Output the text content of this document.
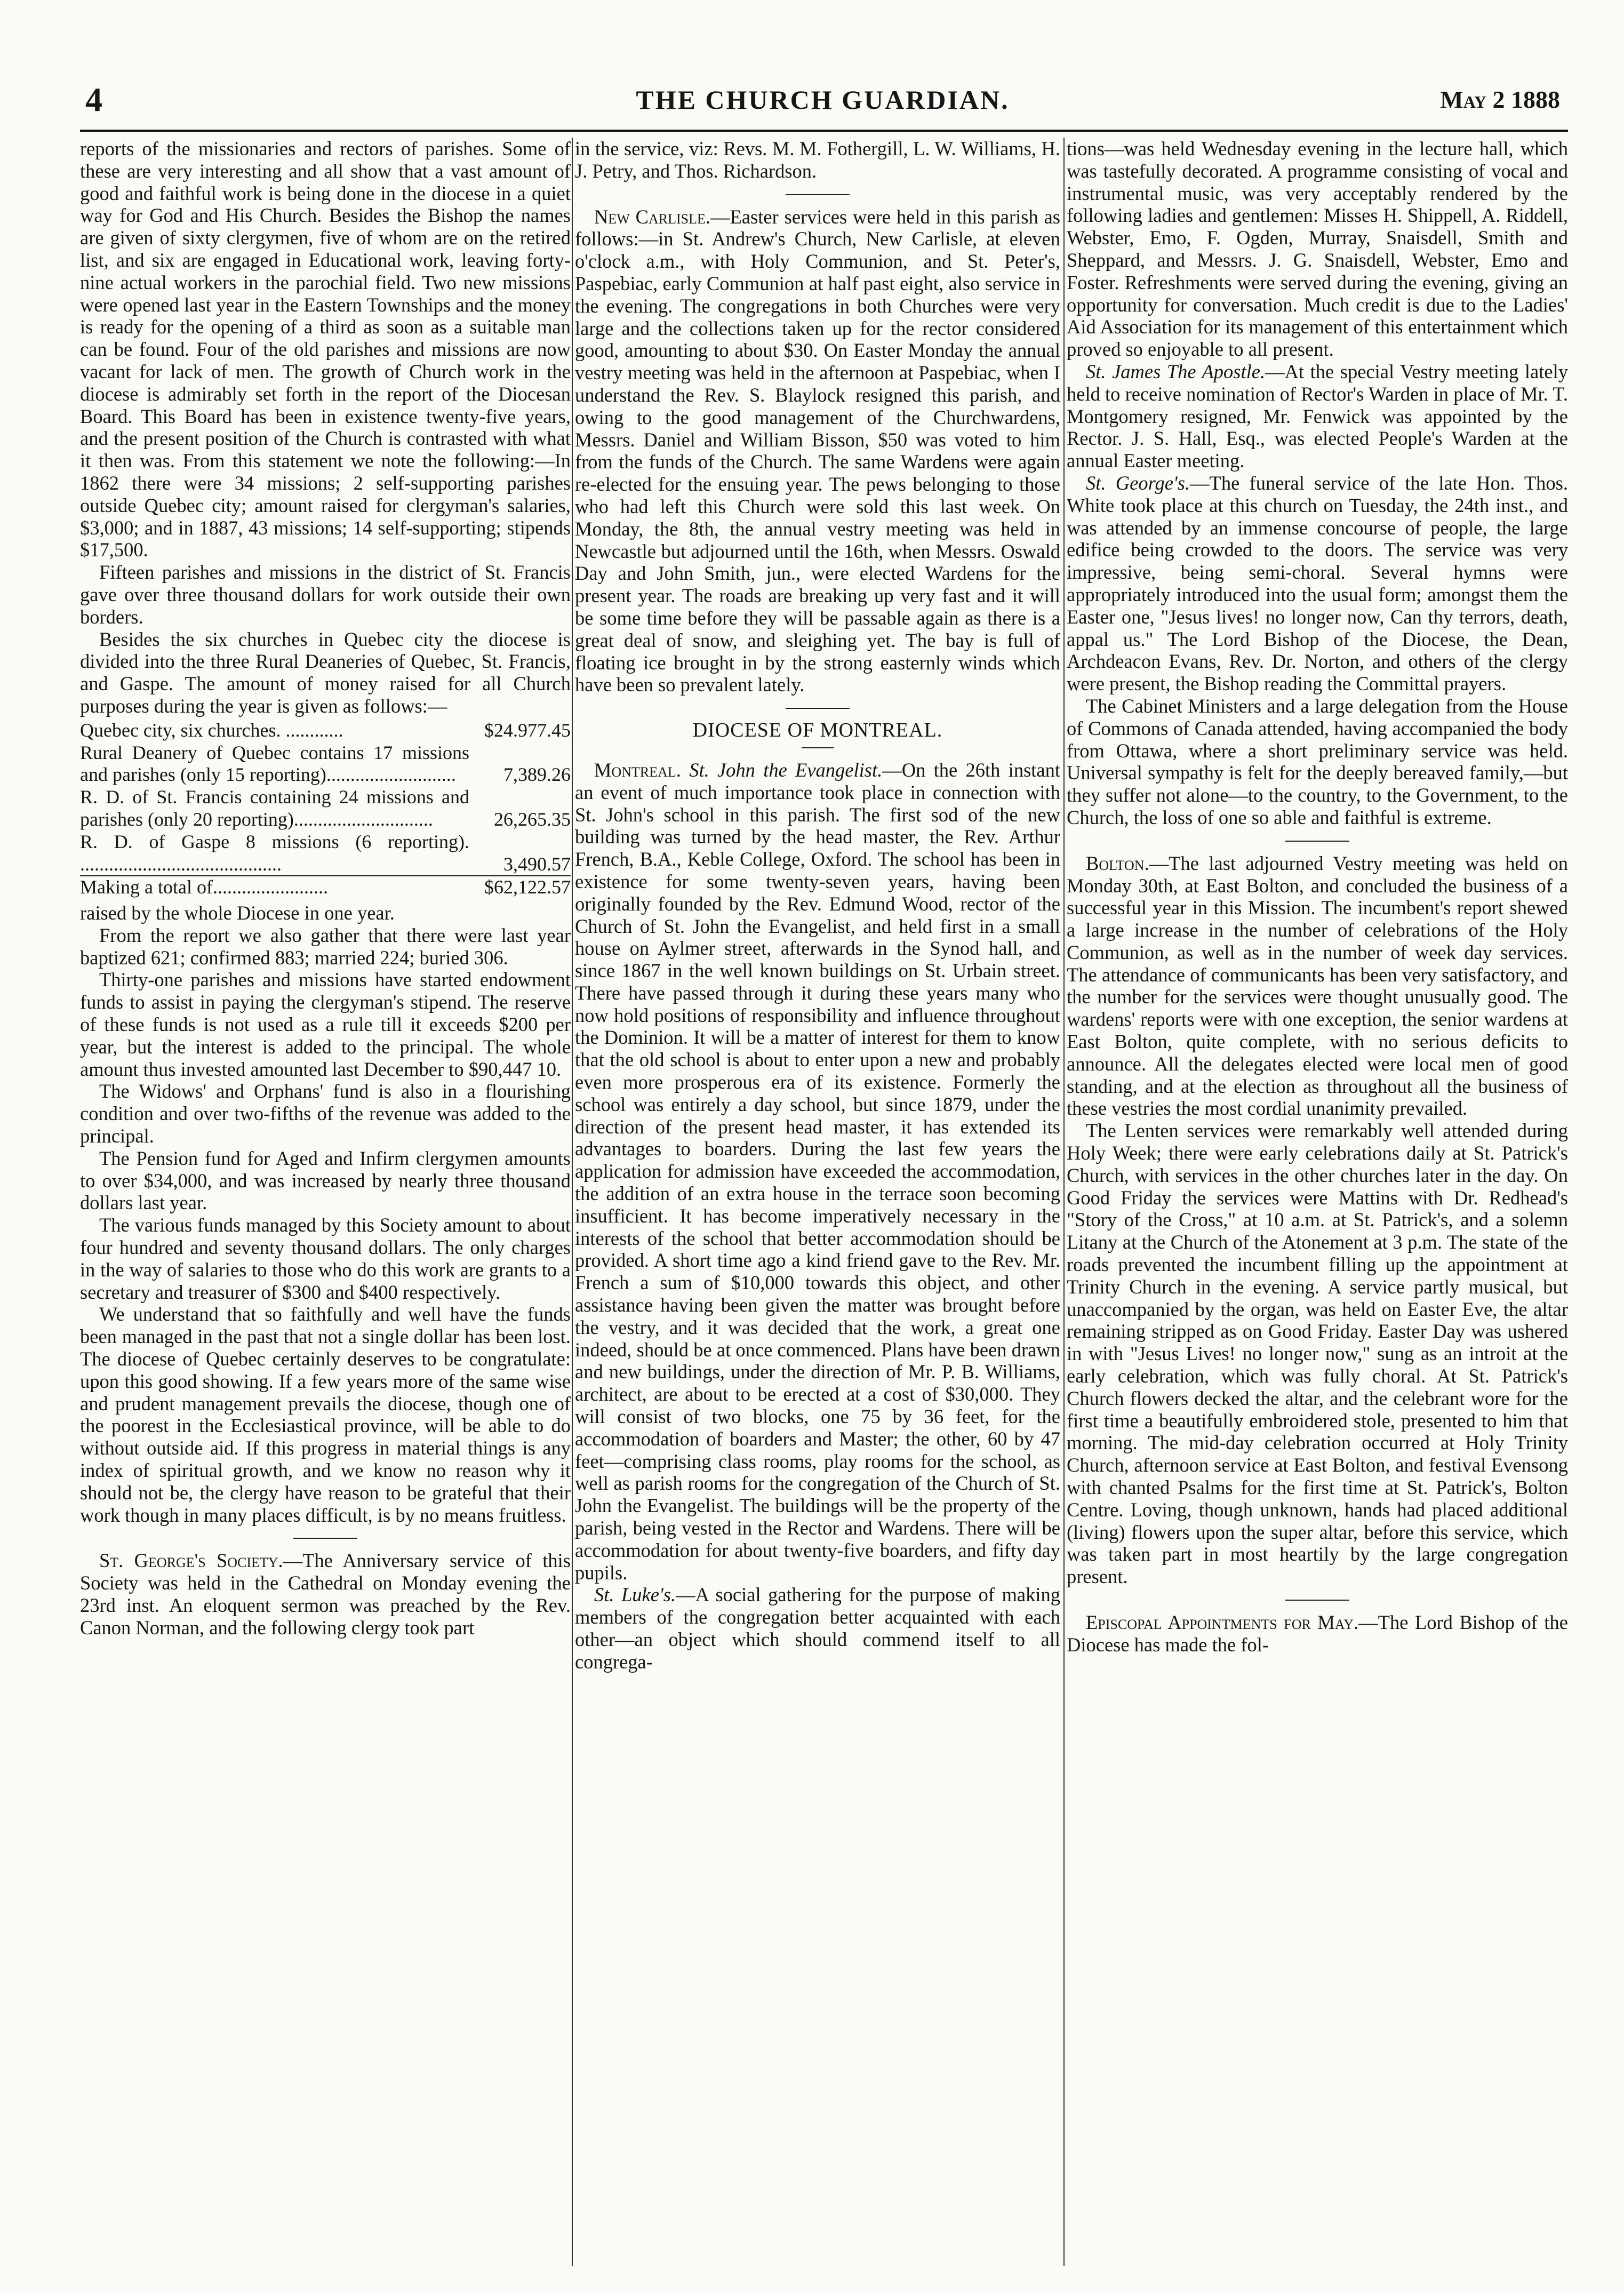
4	THE CHURCH GUARDIAN.	May 2 1888

reports of the missionaries and rectors of parishes. Some of these are very interesting and all show that a vast amount of good and faithful work is being done in the diocese in a quiet way for God and His Church. Besides the Bishop the names are given of sixty clergymen, five of whom are on the retired list, and six are engaged in Educational work, leaving forty-nine actual workers in the parochial field. Two new missions were opened last year in the Eastern Townships and the money is ready for the opening of a third as soon as a suitable man can be found. Four of the old parishes and missions are now vacant for lack of men. The growth of Church work in the diocese is admirably set forth in the report of the Diocesan Board. This Board has been in existence twenty-five years, and the present position of the Church is contrasted with what it then was. From this statement we note the following:—In 1862 there were 34 missions; 2 self-supporting parishes outside Quebec city; amount raised for clergyman's salaries, $3,000; and in 1887, 43 missions; 14 self-supporting; stipends $17,500.

Fifteen parishes and missions in the district of St. Francis gave over three thousand dollars for work outside their own borders.

Besides the six churches in Quebec city the diocese is divided into the three Rural Deaneries of Quebec, St. Francis, and Gaspe. The amount of money raised for all Church purposes during the year is given as follows:—

Quebec city, six churches. ............	$24.977.45
Rural Deanery of Quebec contains 17 missions and parishes (only 15 reporting)...........................	7,389.26
R. D. of St. Francis containing 24 missions and parishes (only 20 reporting).............................	26,265.35
R. D. of Gaspe 8 missions (6 reporting). ..........................................	3,490.57
Making a total of........................	$62,122.57

raised by the whole Diocese in one year.

From the report we also gather that there were last year baptized 621; confirmed 883; married 224; buried 306.

Thirty-one parishes and missions have started endowment funds to assist in paying the clergyman's stipend. The reserve of these funds is not used as a rule till it exceeds $200 per year, but the interest is added to the principal. The whole amount thus invested amounted last December to $90,447 10.

The Widows' and Orphans' fund is also in a flourishing condition and over two-fifths of the revenue was added to the principal.

The Pension fund for Aged and Infirm clergymen amounts to over $34,000, and was increased by nearly three thousand dollars last year.

The various funds managed by this Society amount to about four hundred and seventy thousand dollars. The only charges in the way of salaries to those who do this work are grants to a secretary and treasurer of $300 and $400 respectively.

We understand that so faithfully and well have the funds been managed in the past that not a single dollar has been lost. The diocese of Quebec certainly deserves to be congratulate: upon this good showing. If a few years more of the same wise and prudent management prevails the diocese, though one of the poorest in the Ecclesiastical province, will be able to do without outside aid. If this progress in material things is any index of spiritual growth, and we know no reason why it should not be, the clergy have reason to be grateful that their work though in many places difficult, is by no means fruitless.

St. George's Society.—The Anniversary service of this Society was held in the Cathedral on Monday evening the 23rd inst. An eloquent sermon was preached by the Rev. Canon Norman, and the following clergy took part

in the service, viz: Revs. M. M. Fothergill, L. W. Williams, H. J. Petry, and Thos. Richardson.

New Carlisle.—Easter services were held in this parish as follows:—in St. Andrew's Church, New Carlisle, at eleven o'clock a.m., with Holy Communion, and St. Peter's, Paspebiac, early Communion at half past eight, also service in the evening. The congregations in both Churches were very large and the collections taken up for the rector considered good, amounting to about $30. On Easter Monday the annual vestry meeting was held in the afternoon at Paspebiac, when I understand the Rev. S. Blaylock resigned this parish, and owing to the good management of the Churchwardens, Messrs. Daniel and William Bisson, $50 was voted to him from the funds of the Church. The same Wardens were again re-elected for the ensuing year. The pews belonging to those who had left this Church were sold this last week. On Monday, the 8th, the annual vestry meeting was held in Newcastle but adjourned until the 16th, when Messrs. Oswald Day and John Smith, jun., were elected Wardens for the present year. The roads are breaking up very fast and it will be some time before they will be passable again as there is a great deal of snow, and sleighing yet. The bay is full of floating ice brought in by the strong easternly winds which have been so prevalent lately.

DIOCESE OF MONTREAL.

Montreal. St. John the Evangelist.—On the 26th instant an event of much importance took place in connection with St. John's school in this parish. The first sod of the new building was turned by the head master, the Rev. Arthur French, B.A., Keble College, Oxford. The school has been in existence for some twenty-seven years, having been originally founded by the Rev. Edmund Wood, rector of the Church of St. John the Evangelist, and held first in a small house on Aylmer street, afterwards in the Synod hall, and since 1867 in the well known buildings on St. Urbain street. There have passed through it during these years many who now hold positions of responsibility and influence throughout the Dominion. It will be a matter of interest for them to know that the old school is about to enter upon a new and probably even more prosperous era of its existence. Formerly the school was entirely a day school, but since 1879, under the direction of the present head master, it has extended its advantages to boarders. During the last few years the application for admission have exceeded the accommodation, the addition of an extra house in the terrace soon becoming insufficient. It has become imperatively necessary in the interests of the school that better accommodation should be provided. A short time ago a kind friend gave to the Rev. Mr. French a sum of $10,000 towards this object, and other assistance having been given the matter was brought before the vestry, and it was decided that the work, a great one indeed, should be at once commenced. Plans have been drawn and new buildings, under the direction of Mr. P. B. Williams, architect, are about to be erected at a cost of $30,000. They will consist of two blocks, one 75 by 36 feet, for the accommodation of boarders and Master; the other, 60 by 47 feet—comprising class rooms, play rooms for the school, as well as parish rooms for the congregation of the Church of St. John the Evangelist. The buildings will be the property of the parish, being vested in the Rector and Wardens. There will be accommodation for about twenty-five boarders, and fifty day pupils.

St. Luke's.—A social gathering for the purpose of making members of the congregation better acquainted with each other—an object which should commend itself to all congrega-

tions—was held Wednesday evening in the lecture hall, which was tastefully decorated. A programme consisting of vocal and instrumental music, was very acceptably rendered by the following ladies and gentlemen: Misses H. Shippell, A. Riddell, Webster, Emo, F. Ogden, Murray, Snaisdell, Smith and Sheppard, and Messrs. J. G. Snaisdell, Webster, Emo and Foster. Refreshments were served during the evening, giving an opportunity for conversation. Much credit is due to the Ladies' Aid Association for its management of this entertainment which proved so enjoyable to all present.

St. James The Apostle.—At the special Vestry meeting lately held to receive nomination of Rector's Warden in place of Mr. T. Montgomery resigned, Mr. Fenwick was appointed by the Rector. J. S. Hall, Esq., was elected People's Warden at the annual Easter meeting.

St. George's.—The funeral service of the late Hon. Thos. White took place at this church on Tuesday, the 24th inst., and was attended by an immense concourse of people, the large edifice being crowded to the doors. The service was very impressive, being semi-choral. Several hymns were appropriately introduced into the usual form; amongst them the Easter one, "Jesus lives! no longer now, Can thy terrors, death, appal us." The Lord Bishop of the Diocese, the Dean, Archdeacon Evans, Rev. Dr. Norton, and others of the clergy were present, the Bishop reading the Committal prayers.

The Cabinet Ministers and a large delegation from the House of Commons of Canada attended, having accompanied the body from Ottawa, where a short preliminary service was held. Universal sympathy is felt for the deeply bereaved family,—but they suffer not alone—to the country, to the Government, to the Church, the loss of one so able and faithful is extreme.

Bolton.—The last adjourned Vestry meeting was held on Monday 30th, at East Bolton, and concluded the business of a successful year in this Mission. The incumbent's report shewed a large increase in the number of celebrations of the Holy Communion, as well as in the number of week day services. The attendance of communicants has been very satisfactory, and the number for the services were thought unusually good. The wardens' reports were with one exception, the senior wardens at East Bolton, quite complete, with no serious deficits to announce. All the delegates elected were local men of good standing, and at the election as throughout all the business of these vestries the most cordial unanimity prevailed.

The Lenten services were remarkably well attended during Holy Week; there were early celebrations daily at St. Patrick's Church, with services in the other churches later in the day. On Good Friday the services were Mattins with Dr. Redhead's "Story of the Cross," at 10 a.m. at St. Patrick's, and a solemn Litany at the Church of the Atonement at 3 p.m. The state of the roads prevented the incumbent filling up the appointment at Trinity Church in the evening. A service partly musical, but unaccompanied by the organ, was held on Easter Eve, the altar remaining stripped as on Good Friday. Easter Day was ushered in with "Jesus Lives! no longer now," sung as an introit at the early celebration, which was fully choral. At St. Patrick's Church flowers decked the altar, and the celebrant wore for the first time a beautifully embroidered stole, presented to him that morning. The mid-day celebration occurred at Holy Trinity Church, afternoon service at East Bolton, and festival Evensong with chanted Psalms for the first time at St. Patrick's, Bolton Centre. Loving, though unknown, hands had placed additional (living) flowers upon the super altar, before this service, which was taken part in most heartily by the large congregation present.

Episcopal Appointments for May.—The Lord Bishop of the Diocese has made the fol-
